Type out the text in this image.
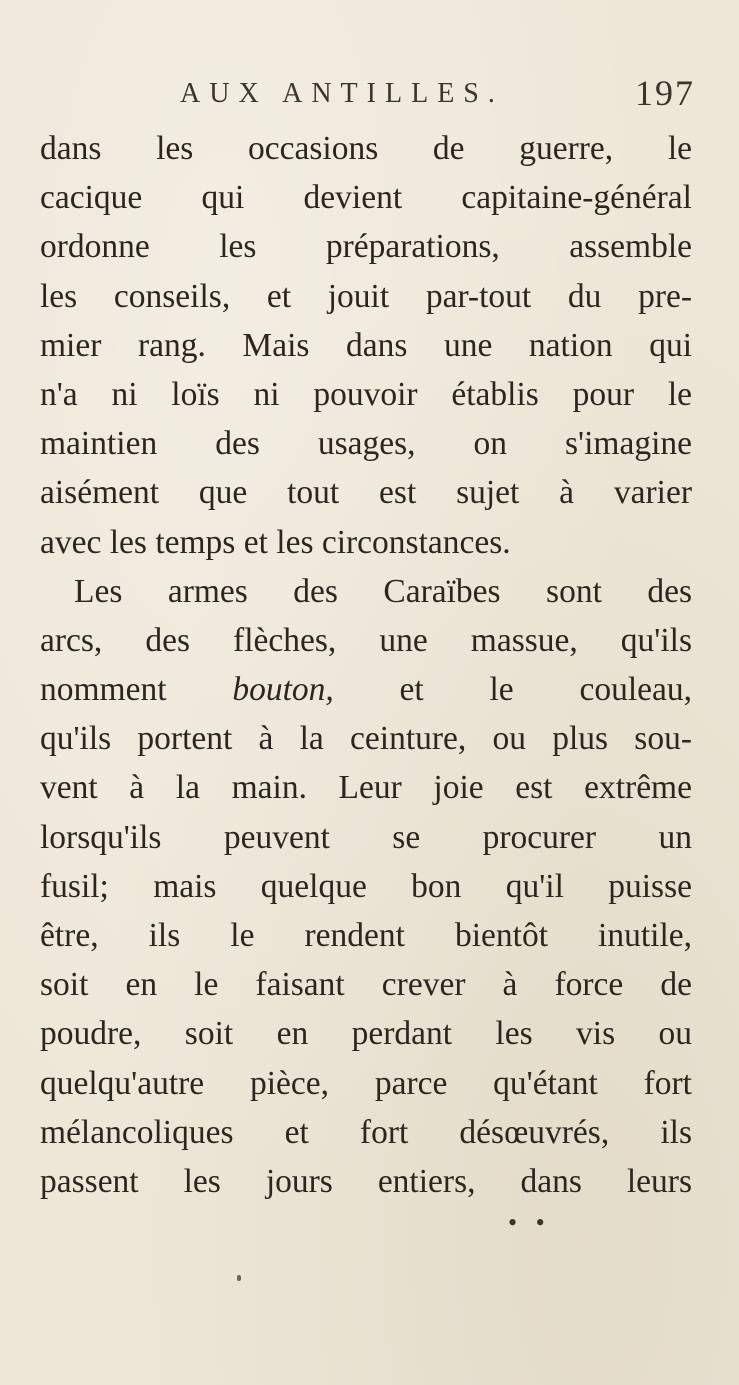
AUX ANTILLES.	197
dans les occasions de guerre, le
cacique qui devient capitaine-général
ordonne les préparations, assemble
les conseils, et jouit par-tout du pre-
mier rang. Mais dans une nation qui
n'a ni loïs ni pouvoir établis pour le
maintien des usages, on s'imagine
aisément que tout est sujet à varier
avec les temps et les circonstances.
Les armes des Caraïbes sont des
arcs, des flèches, une massue, qu'ils
nomment bouton, et le couleau,
qu'ils portent à la ceinture, ou plus sou-
vent à la main. Leur joie est extrême
lorsqu'ils peuvent se procurer un
fusil; mais quelque bon qu'il puisse
être, ils le rendent bientôt inutile,
soit en le faisant crever à force de
poudre, soit en perdant les vis ou
quelqu'autre pièce, parce qu'étant fort
mélancoliques et fort désœuvrés, ils
passent les jours entiers, dans leurs
• •
